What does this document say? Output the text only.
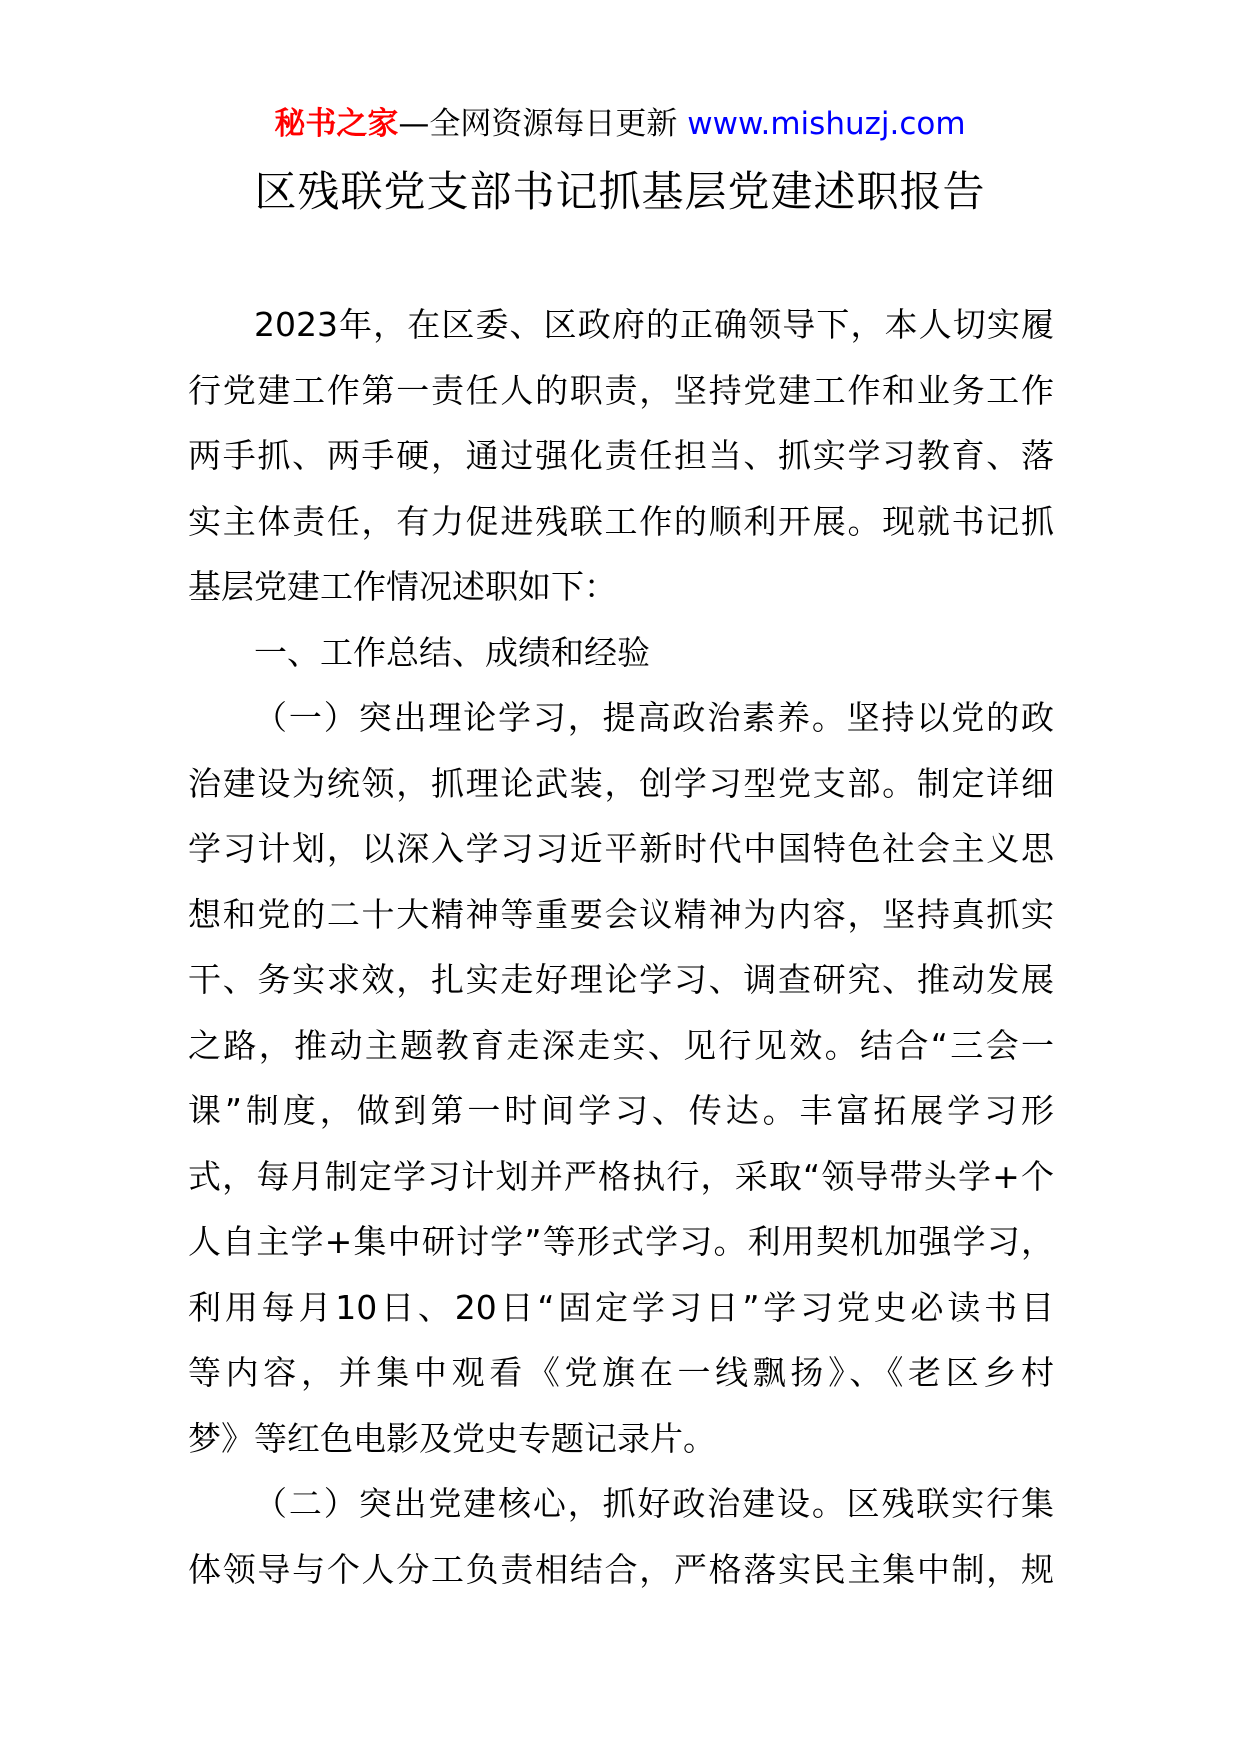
秘书之家—全网资源每日更新 www.mishuzj.com
区残联党支部书记抓基层党建述职报告
2023年，在区委、区政府的正确领导下，本人切实履
行党建工作第一责任人的职责，坚持党建工作和业务工作
两手抓、两手硬，通过强化责任担当、抓实学习教育、落
实主体责任，有力促进残联工作的顺利开展。现就书记抓
基层党建工作情况述职如下：
一、工作总结、成绩和经验
（一）突出理论学习，提高政治素养。坚持以党的政
治建设为统领，抓理论武装，创学习型党支部。制定详细
学习计划，以深入学习习近平新时代中国特色社会主义思
想和党的二十大精神等重要会议精神为内容，坚持真抓实
干、务实求效，扎实走好理论学习、调查研究、推动发展
之路，推动主题教育走深走实、见行见效。结合“三会一
课”制度，做到第一时间学习、传达。丰富拓展学习形
式，每月制定学习计划并严格执行，采取“领导带头学+个
人自主学+集中研讨学”等形式学习。利用契机加强学习，
利用每月10日、20日“固定学习日”学习党史必读书目
等内容，并集中观看《党旗在一线飘扬》、《老区乡村
梦》等红色电影及党史专题记录片。
（二）突出党建核心，抓好政治建设。区残联实行集
体领导与个人分工负责相结合，严格落实民主集中制，规
